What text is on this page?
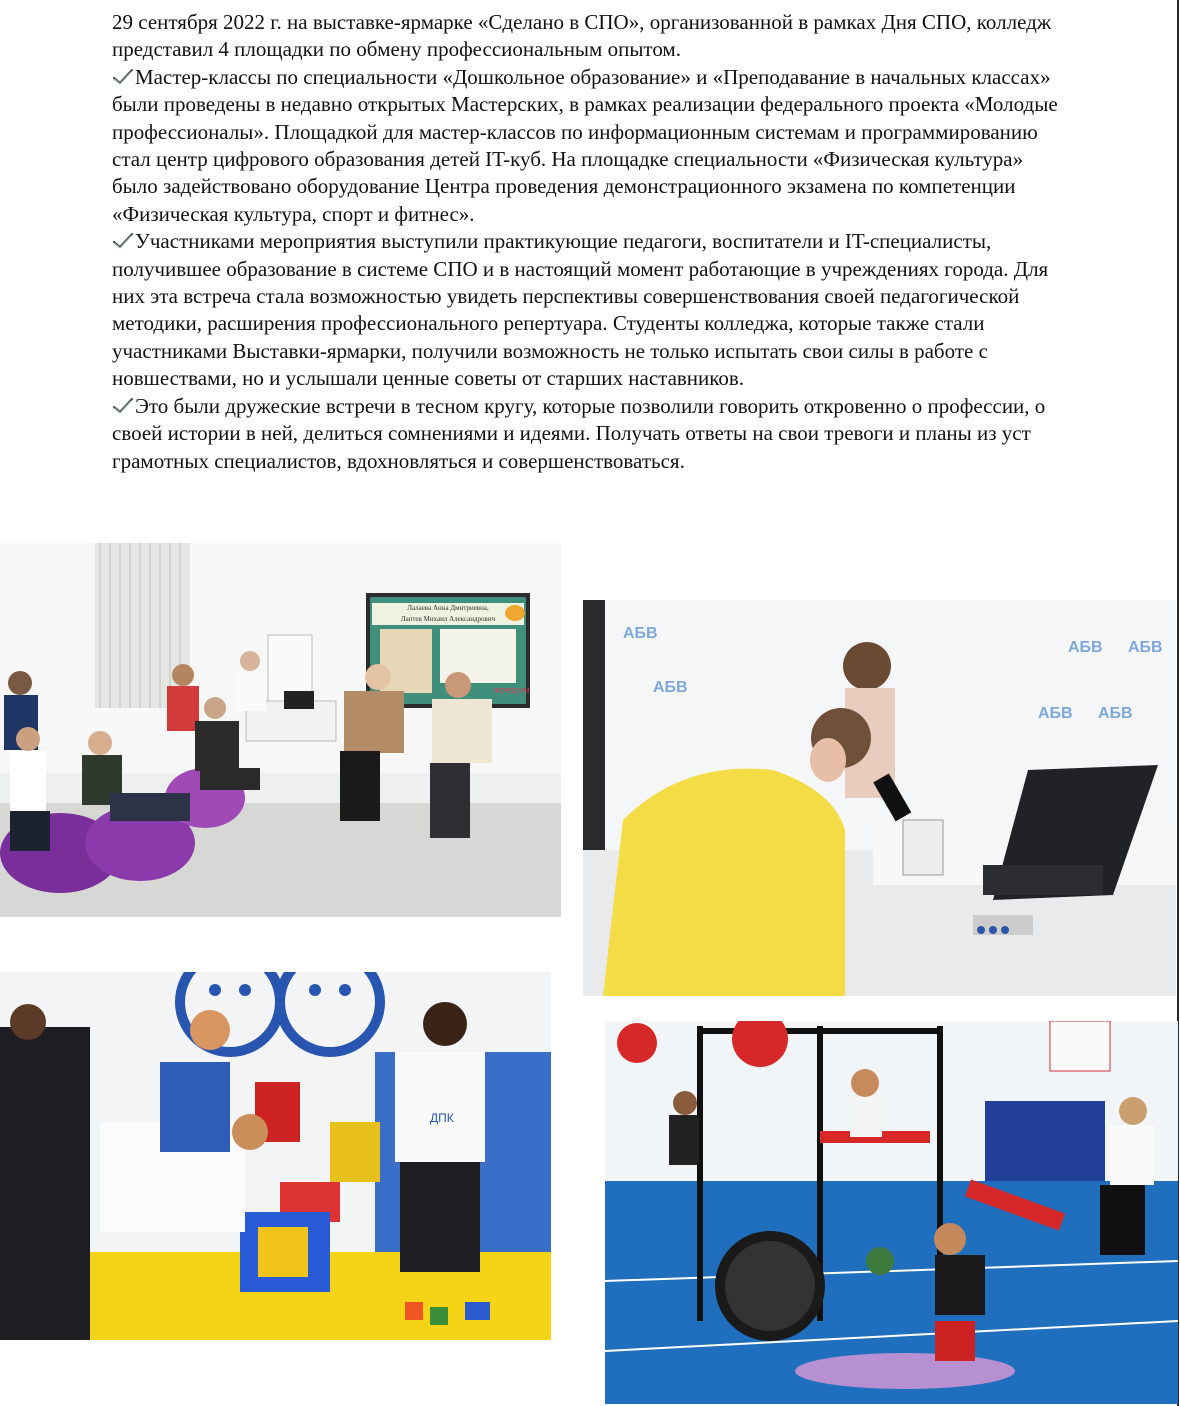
29 сентября 2022 г. на выставке-ярмарке «Сделано в СПО», организованной в рамках Дня СПО, колледж представил 4 площадки по обмену профессиональным опытом.

Мастер-классы по специальности «Дошкольное образование» и «Преподавание в начальных классах» были проведены в недавно открытых Мастерских, в рамках реализации федерального проекта «Молодые профессионалы». Площадкой для мастер-классов по информационным системам и программированию стал центр цифрового образования детей IT-куб. На площадке специальности «Физическая культура» было задействовано оборудование Центра проведения демонстрационного экзамена по компетенции «Физическая культура, спорт и фитнес».

Участниками мероприятия выступили практикующие педагоги, воспитатели и IT-специалисты, получившее образование в системе СПО и в настоящий момент работающие в учреждениях города. Для них эта встреча стала возможностью увидеть перспективы совершенствования своей педагогической методики, расширения профессионального репертуара. Студенты колледжа, которые также стали участниками Выставки-ярмарки, получили возможность не только испытать свои силы в работе с новшествами, но и услышали ценные советы от старших наставников.

Это были дружеские встречи в тесном кругу, которые позволили говорить откровенно о профессии, о своей истории в ней, делиться сомнениями и идеями. Получать ответы на свои тревоги и планы из уст грамотных специалистов, вдохновляться и совершенствоваться.

Лалаева Анна Дмитриевна,
Лаптев Михаил Александрович
ФОТОСУМ
АБВ
АБВ АБВ
АБВ АБВ
АБВ
ДПК
